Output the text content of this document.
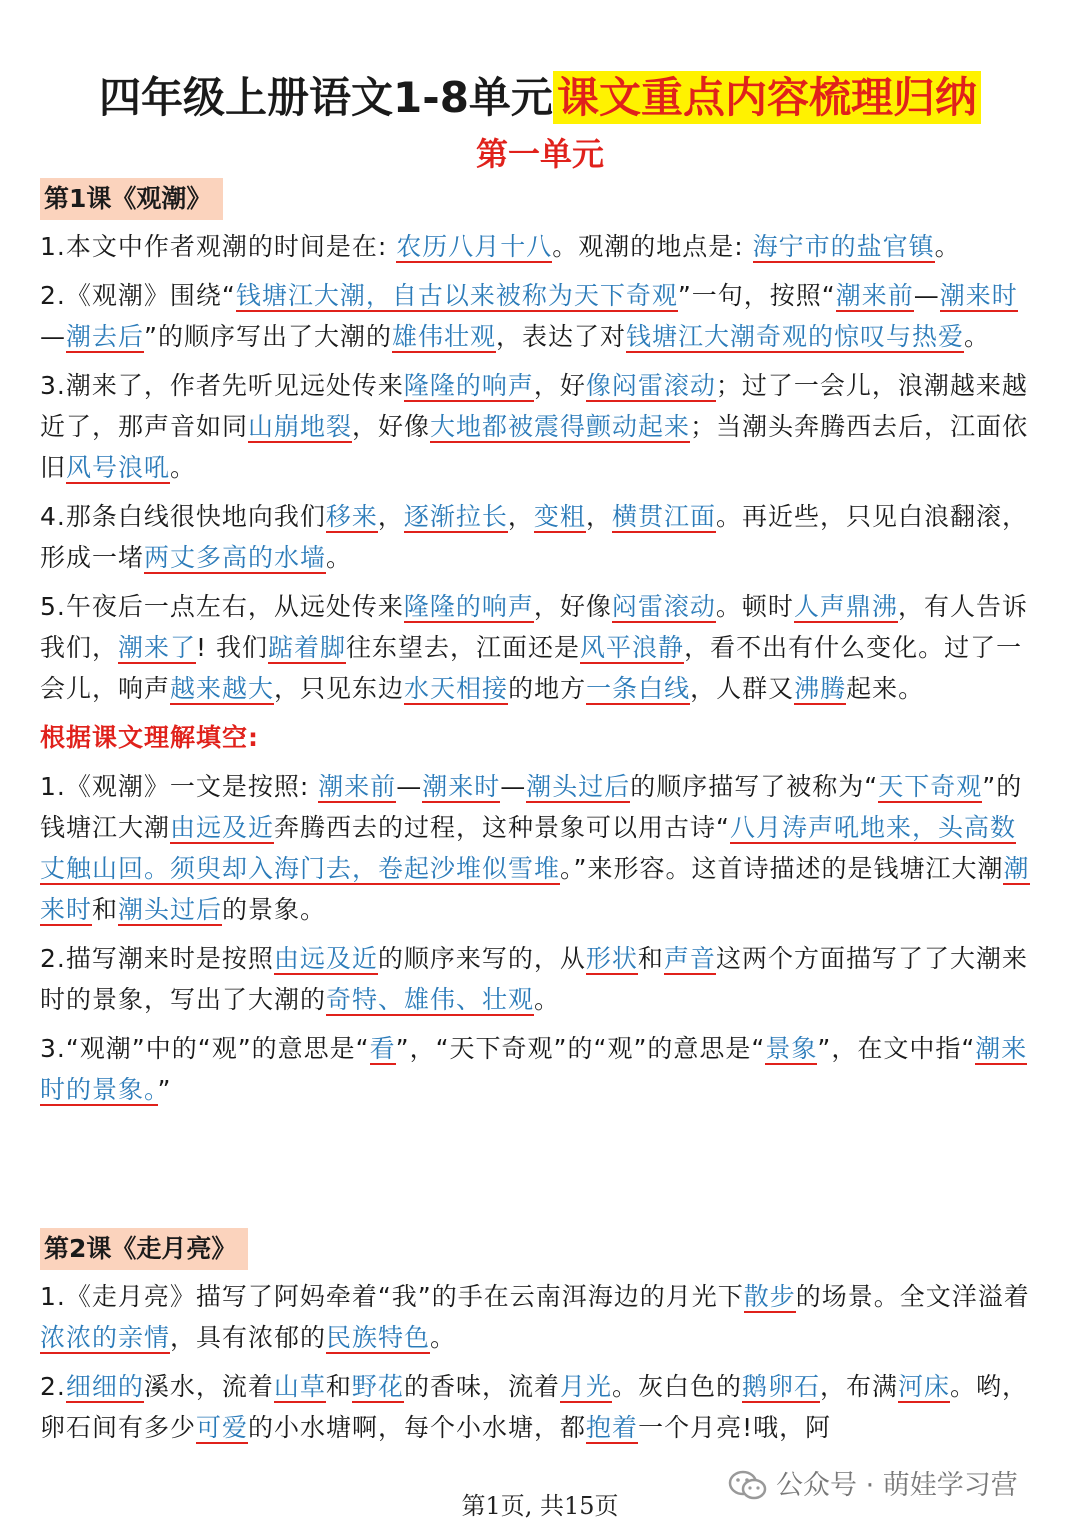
四年级上册语文1-8单元课文重点内容梳理归纳
第一单元
第1课《观潮》

1.本文中作者观潮的时间是在: 农历八月十八。观潮的地点是: 海宁市的盐官镇。

2.《观潮》围绕“钱塘江大潮，自古以来被称为天下奇观”一句，按照“潮来前—潮来时—潮去后”的顺序写出了大潮的雄伟壮观，表达了对钱塘江大潮奇观的惊叹与热爱。

3.潮来了，作者先听见远处传来隆隆的响声，好像闷雷滚动；过了一会儿，浪潮越来越近了，那声音如同山崩地裂，好像大地都被震得颤动起来；当潮头奔腾西去后，江面依旧风号浪吼。

4.那条白线很快地向我们移来，逐渐拉长，变粗，横贯江面。再近些，只见白浪翻滚，形成一堵两丈多高的水墙。

5.午夜后一点左右，从远处传来隆隆的响声，好像闷雷滚动。顿时人声鼎沸，有人告诉我们，潮来了! 我们踮着脚往东望去，江面还是风平浪静，看不出有什么变化。过了一会儿，响声越来越大，只见东边水天相接的地方一条白线，人群又沸腾起来。

根据课文理解填空:

1.《观潮》一文是按照: 潮来前—潮来时—潮头过后的顺序描写了被称为“天下奇观”的钱塘江大潮由远及近奔腾西去的过程，这种景象可以用古诗“八月涛声吼地来，头高数丈触山回。须臾却入海门去，卷起沙堆似雪堆。”来形容。这首诗描述的是钱塘江大潮潮来时和潮头过后的景象。

2.描写潮来时是按照由远及近的顺序来写的，从形状和声音这两个方面描写了了大潮来时的景象，写出了大潮的奇特、雄伟、壮观。

3.“观潮”中的“观”的意思是“看”，“天下奇观”的“观”的意思是“景象”，在文中指“潮来时的景象。”

第2课《走月亮》

1.《走月亮》描写了阿妈牵着“我”的手在云南洱海边的月光下散步的场景。全文洋溢着浓浓的亲情，具有浓郁的民族特色。

2.细细的溪水，流着山草和野花的香味，流着月光。灰白色的鹅卵石，布满河床。哟，卵石间有多少可爱的小水塘啊，每个小水塘，都抱着一个月亮!哦，阿

第1页, 共15页
公众号 · 萌娃学习营
